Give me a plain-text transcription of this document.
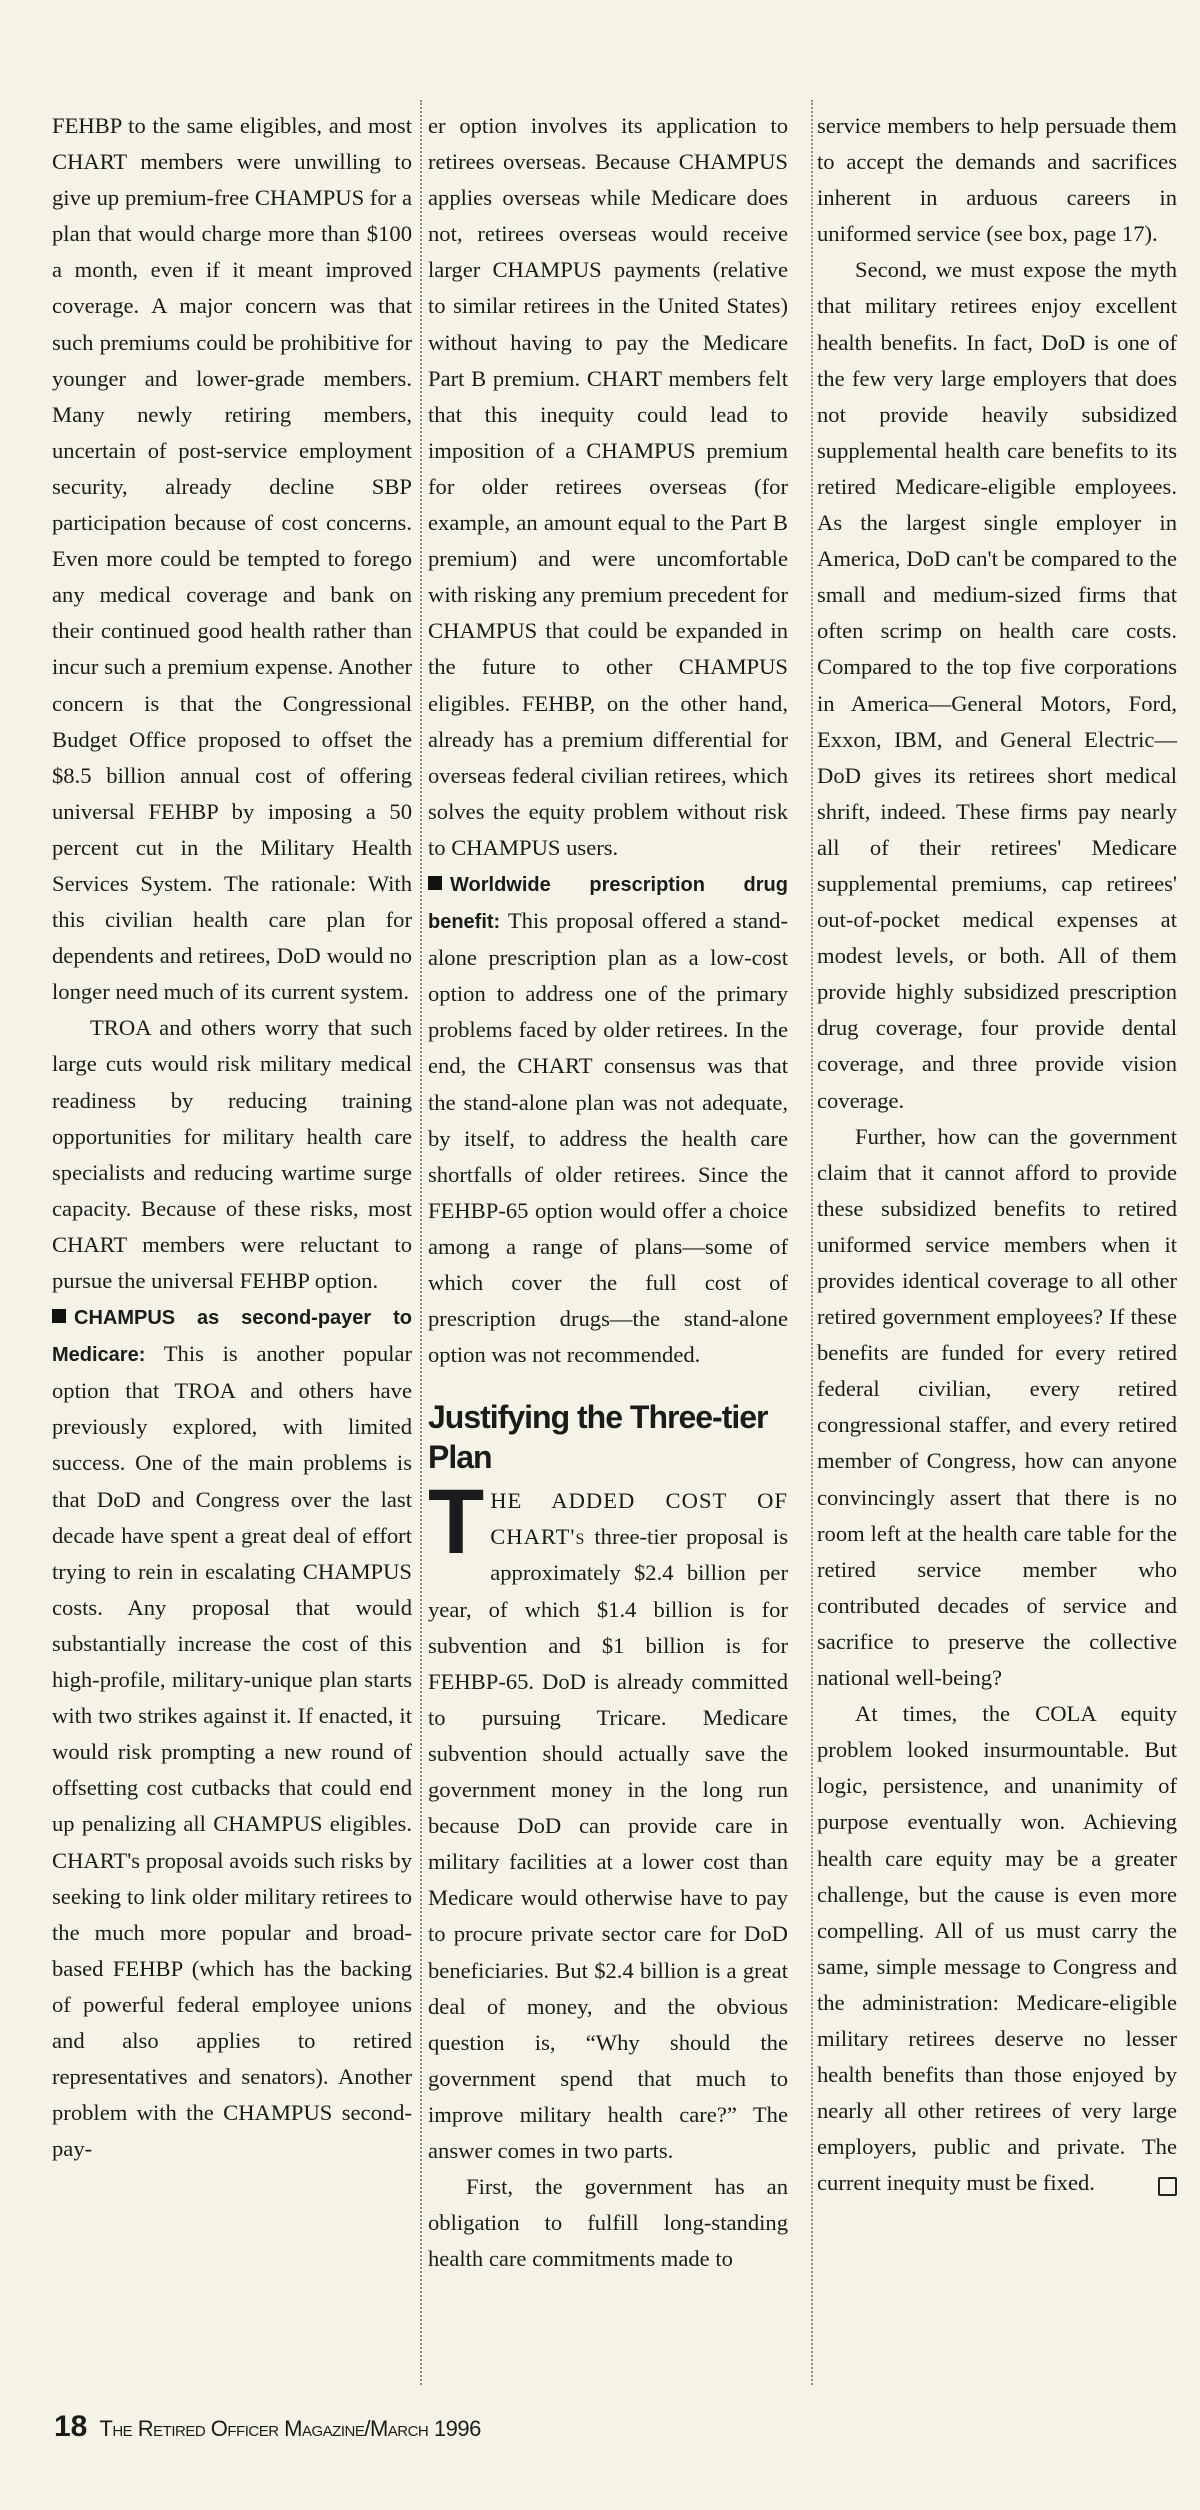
FEHBP to the same eligibles, and most CHART members were unwilling to give up premium-free CHAMPUS for a plan that would charge more than $100 a month, even if it meant improved coverage. A major concern was that such premiums could be prohibitive for younger and lower-grade members. Many newly retiring members, uncertain of post-service employment security, already decline SBP participation because of cost concerns. Even more could be tempted to forego any medical coverage and bank on their continued good health rather than incur such a premium expense. Another concern is that the Congressional Budget Office proposed to offset the $8.5 billion annual cost of offering universal FEHBP by imposing a 50 percent cut in the Military Health Services System. The rationale: With this civilian health care plan for dependents and retirees, DoD would no longer need much of its current system.

TROA and others worry that such large cuts would risk military medical readiness by reducing training opportunities for military health care specialists and reducing wartime surge capacity. Because of these risks, most CHART members were reluctant to pursue the universal FEHBP option.

CHAMPUS as second-payer to Medicare: This is another popular option that TROA and others have previously explored, with limited success. One of the main problems is that DoD and Congress over the last decade have spent a great deal of effort trying to rein in escalating CHAMPUS costs. Any proposal that would substantially increase the cost of this high-profile, military-unique plan starts with two strikes against it. If enacted, it would risk prompting a new round of offsetting cost cutbacks that could end up penalizing all CHAMPUS eligibles. CHART's proposal avoids such risks by seeking to link older military retirees to the much more popular and broad-based FEHBP (which has the backing of powerful federal employee unions and also applies to retired representatives and senators). Another problem with the CHAMPUS second-pay-

er option involves its application to retirees overseas. Because CHAMPUS applies overseas while Medicare does not, retirees overseas would receive larger CHAMPUS payments (relative to similar retirees in the United States) without having to pay the Medicare Part B premium. CHART members felt that this inequity could lead to imposition of a CHAMPUS premium for older retirees overseas (for example, an amount equal to the Part B premium) and were uncomfortable with risking any premium precedent for CHAMPUS that could be expanded in the future to other CHAMPUS eligibles. FEHBP, on the other hand, already has a premium differential for overseas federal civilian retirees, which solves the equity problem without risk to CHAMPUS users.

Worldwide prescription drug benefit: This proposal offered a stand-alone prescription plan as a low-cost option to address one of the primary problems faced by older retirees. In the end, the CHART consensus was that the stand-alone plan was not adequate, by itself, to address the health care shortfalls of older retirees. Since the FEHBP-65 option would offer a choice among a range of plans—some of which cover the full cost of prescription drugs—the stand-alone option was not recommended.

Justifying the Three-tier Plan

THE ADDED COST OF CHART's three-tier proposal is approximately $2.4 billion per year, of which $1.4 billion is for subvention and $1 billion is for FEHBP-65. DoD is already committed to pursuing Tricare. Medicare subvention should actually save the government money in the long run because DoD can provide care in military facilities at a lower cost than Medicare would otherwise have to pay to procure private sector care for DoD beneficiaries. But $2.4 billion is a great deal of money, and the obvious question is, “Why should the government spend that much to improve military health care?” The answer comes in two parts.

First, the government has an obligation to fulfill long-standing health care commitments made to

service members to help persuade them to accept the demands and sacrifices inherent in arduous careers in uniformed service (see box, page 17).

Second, we must expose the myth that military retirees enjoy excellent health benefits. In fact, DoD is one of the few very large employers that does not provide heavily subsidized supplemental health care benefits to its retired Medicare-eligible employees. As the largest single employer in America, DoD can't be compared to the small and medium-sized firms that often scrimp on health care costs. Compared to the top five corporations in America—General Motors, Ford, Exxon, IBM, and General Electric—DoD gives its retirees short medical shrift, indeed. These firms pay nearly all of their retirees' Medicare supplemental premiums, cap retirees' out-of-pocket medical expenses at modest levels, or both. All of them provide highly subsidized prescription drug coverage, four provide dental coverage, and three provide vision coverage.

Further, how can the government claim that it cannot afford to provide these subsidized benefits to retired uniformed service members when it provides identical coverage to all other retired government employees? If these benefits are funded for every retired federal civilian, every retired congressional staffer, and every retired member of Congress, how can anyone convincingly assert that there is no room left at the health care table for the retired service member who contributed decades of service and sacrifice to preserve the collective national well-being?

At times, the COLA equity problem looked insurmountable. But logic, persistence, and unanimity of purpose eventually won. Achieving health care equity may be a greater challenge, but the cause is even more compelling. All of us must carry the same, simple message to Congress and the administration: Medicare-eligible military retirees deserve no lesser health benefits than those enjoyed by nearly all other retirees of very large employers, public and private. The current inequity must be fixed.

18 The Retired Officer Magazine/March 1996
